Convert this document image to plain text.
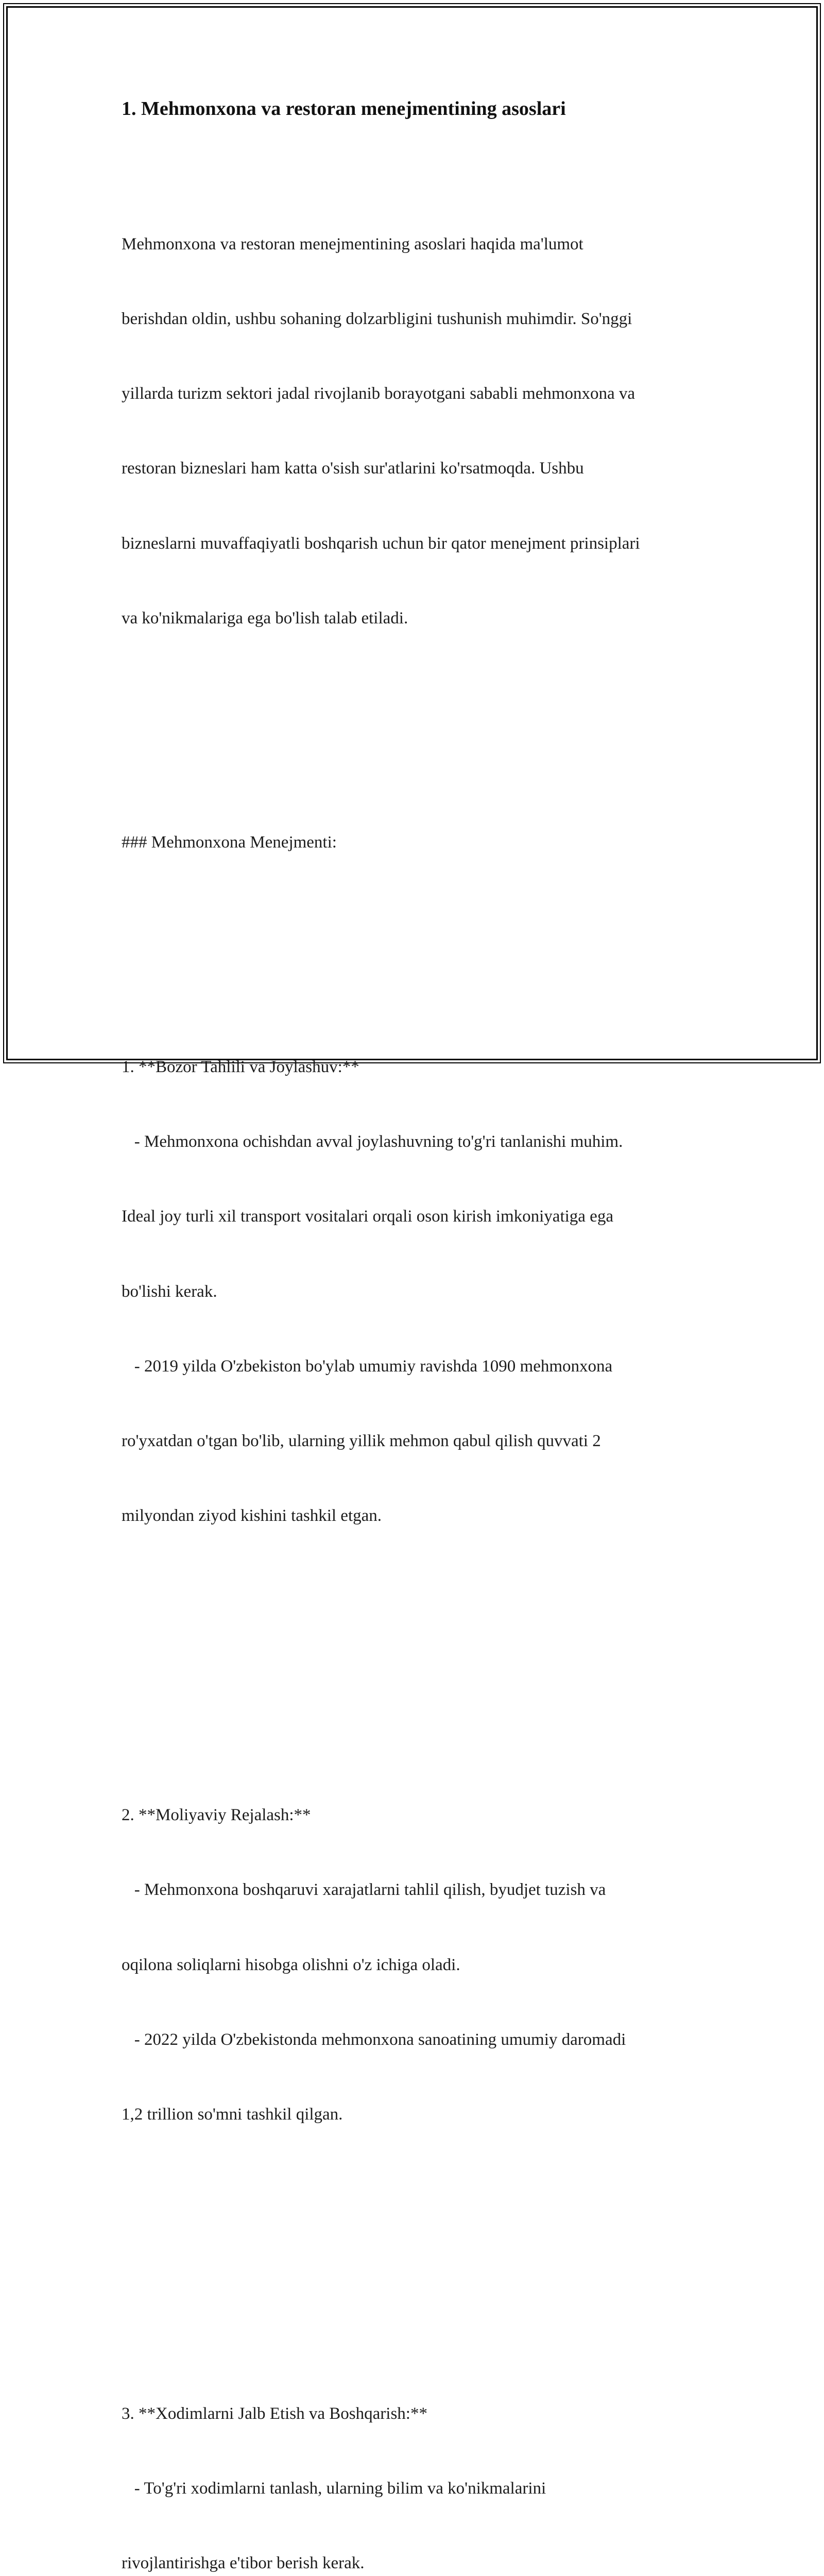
1. Mehmonxona va restoran menejmentining asoslari

Mehmonxona va restoran menejmentining asoslari haqida ma'lumot

berishdan oldin, ushbu sohaning dolzarbligini tushunish muhimdir. So'nggi

yillarda turizm sektori jadal rivojlanib borayotgani sababli mehmonxona va

restoran bizneslari ham katta o'sish sur'atlarini ko'rsatmoqda. Ushbu

bizneslarni muvaffaqiyatli boshqarish uchun bir qator menejment prinsiplari

va ko'nikmalariga ega bo'lish talab etiladi.

### Mehmonxona Menejmenti:

1. **Bozor Tahlili va Joylashuv:**

- Mehmonxona ochishdan avval joylashuvning to'g'ri tanlanishi muhim.

Ideal joy turli xil transport vositalari orqali oson kirish imkoniyatiga ega

bo'lishi kerak.

- 2019 yilda O'zbekiston bo'ylab umumiy ravishda 1090 mehmonxona

ro'yxatdan o'tgan bo'lib, ularning yillik mehmon qabul qilish quvvati 2

milyondan ziyod kishini tashkil etgan.

2. **Moliyaviy Rejalash:**

- Mehmonxona boshqaruvi xarajatlarni tahlil qilish, byudjet tuzish va

oqilona soliqlarni hisobga olishni o'z ichiga oladi.

- 2022 yilda O'zbekistonda mehmonxona sanoatining umumiy daromadi

1,2 trillion so'mni tashkil qilgan.

3. **Xodimlarni Jalb Etish va Boshqarish:**

- To'g'ri xodimlarni tanlash, ularning bilim va ko'nikmalarini

rivojlantirishga e'tibor berish kerak.
